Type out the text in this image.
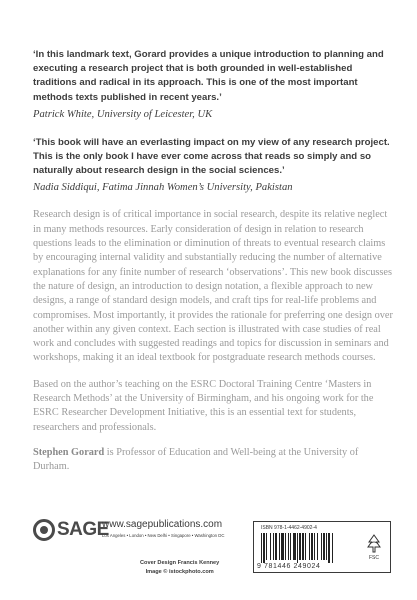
‘In this landmark text, Gorard provides a unique introduction to planning and executing a research project that is both grounded in well-established traditions and radical in its approach. This is one of the most important methods texts published in recent years.’

Patrick White, University of Leicester, UK

‘This book will have an everlasting impact on my view of any research project. This is the only book I have ever come across that reads so simply and so naturally about research design in the social sciences.’

Nadia Siddiqui, Fatima Jinnah Women’s University, Pakistan

Research design is of critical importance in social research, despite its relative neglect in many methods resources. Early consideration of design in relation to research questions leads to the elimination or diminution of threats to eventual research claims by encouraging internal validity and substantially reducing the number of alternative explanations for any finite number of research ‘observations’. This new book discusses the nature of design, an introduction to design notation, a flexible approach to new designs, a range of standard design models, and craft tips for real-life problems and compromises. Most importantly, it provides the rationale for preferring one design over another within any given context. Each section is illustrated with case studies of real work and concludes with suggested readings and topics for discussion in seminars and workshops, making it an ideal textbook for postgraduate research methods courses.

Based on the author’s teaching on the ESRC Doctoral Training Centre ‘Masters in Research Methods’ at the University of Birmingham, and his ongoing work for the ESRC Researcher Development Initiative, this is an essential text for students, researchers and professionals.

Stephen Gorard is Professor of Education and Well-being at the University of Durham.

SAGE
www.sagepublications.com
Los Angeles • London • New Delhi • Singapore • Washington DC
Cover Design Francis Kenney
Image © istockphoto.com
ISBN 978-1-4462-4902-4
9 781446 249024
FSC
